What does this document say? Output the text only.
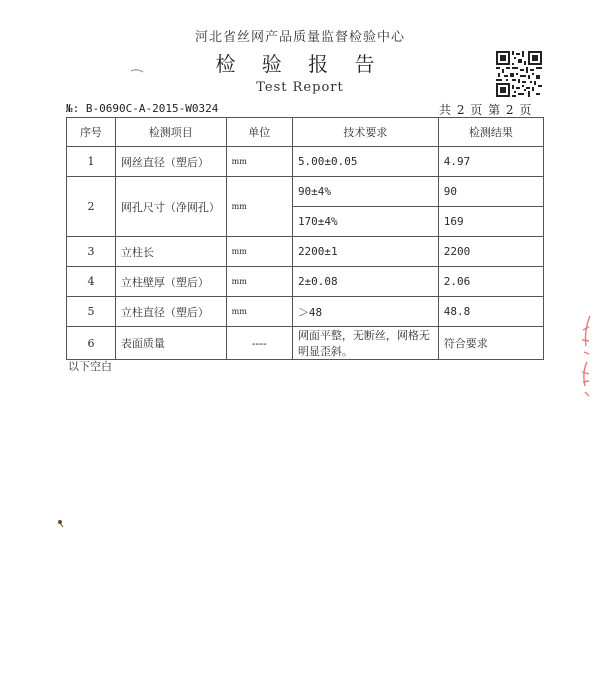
河北省丝网产品质量监督检验中心
检 验 报 告
Test Report
№: B-0690C-A-2015-W0324	共 2 页 第 2 页
序号	检测项目	单位	技术要求	检测结果
1	网丝直径（塑后）	mm	5.00±0.05	4.97
2	网孔尺寸（净网孔）	mm	90±4%	90
			170±4%	169
3	立柱长	mm	2200±1	2200
4	立柱壁厚（塑后）	mm	2±0.08	2.06
5	立柱直径（塑后）	mm	＞48	48.8
6	表面质量	----	网面平整，无断丝，网格无明显歪斜。	符合要求
以下空白
